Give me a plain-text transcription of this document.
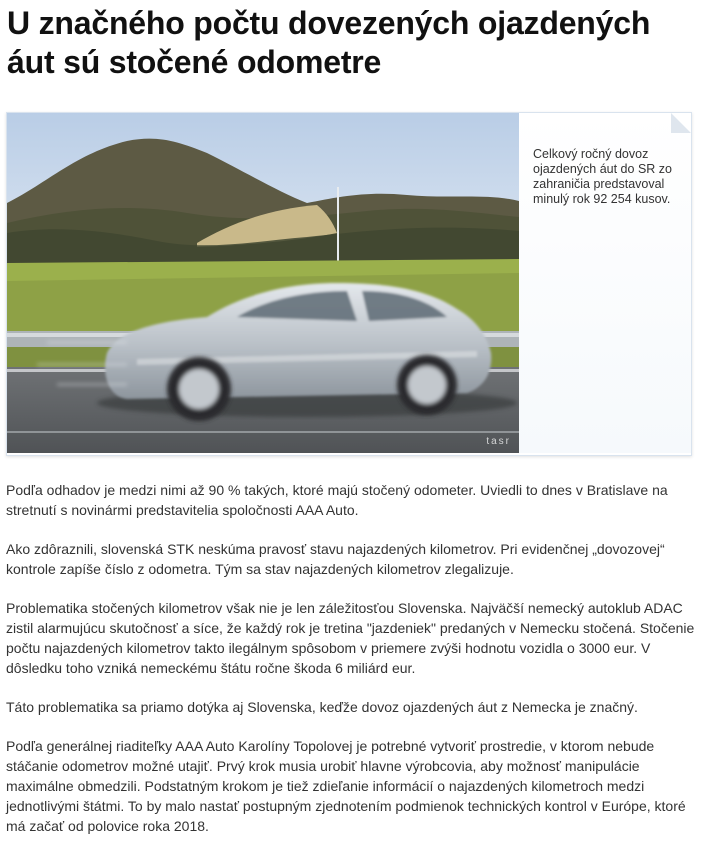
U značného počtu dovezených ojazdených áut sú stočené odometre
tasr

Celkový ročný dovoz ojazdených áut do SR zo zahraničia predstavoval minulý rok 92 254 kusov.

Podľa odhadov je medzi nimi až 90 % takých, ktoré majú stočený odometer. Uviedli to dnes v Bratislave na stretnutí s novinármi predstavitelia spoločnosti AAA Auto.

Ako zdôraznili, slovenská STK neskúma pravosť stavu najazdených kilometrov. Pri evidenčnej „dovozovej“ kontrole zapíše číslo z odometra. Tým sa stav najazdených kilometrov zlegalizuje.

Problematika stočených kilometrov však nie je len záležitosťou Slovenska. Najväčší nemecký autoklub ADAC zistil alarmujúcu skutočnosť a síce, že každý rok je tretina "jazdeniek" predaných v Nemecku stočená. Stočenie počtu najazdených kilometrov takto ilegálnym spôsobom v priemere zvýši hodnotu vozidla o 3000 eur. V dôsledku toho vzniká nemeckému štátu ročne škoda 6 miliárd eur.

Táto problematika sa priamo dotýka aj Slovenska, keďže dovoz ojazdených áut z Nemecka je značný.

Podľa generálnej riaditeľky AAA Auto Karolíny Topolovej je potrebné vytvoriť prostredie, v ktorom nebude stáčanie odometrov možné utajiť. Prvý krok musia urobiť hlavne výrobcovia, aby možnosť manipulácie maximálne obmedzili. Podstatným krokom je tiež zdieľanie informácií o najazdených kilometroch medzi jednotlivými štátmi. To by malo nastať postupným zjednotením podmienok technických kontrol v Európe, ktoré má začať od polovice roka 2018.
